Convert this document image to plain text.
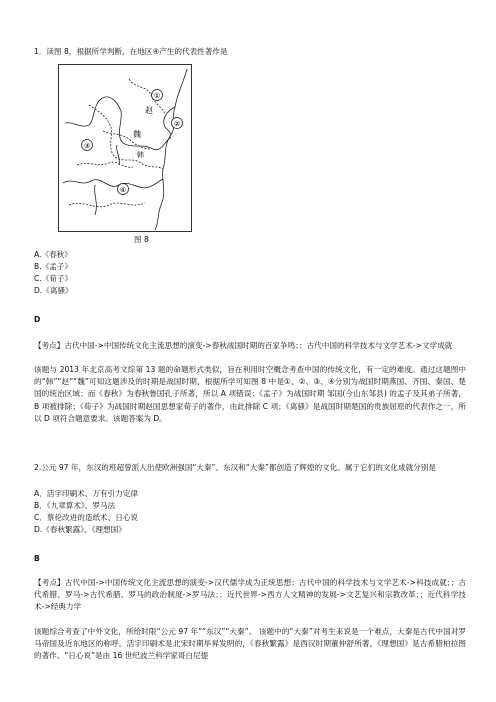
1．读图 8，根据所学判断，在地区④产生的代表性著作是
①
②
③
④
赵
魏
韩
图 8
A.《春秋》
B.《孟子》
C.《荀子》
D.《离骚》
D
【考点】古代中国->中国传统文化主流思想的演变->春秋战国时期的百家争鸣；；古代中国的科学技术与文学艺术->文学成就
该题与 2013 年北京高考文综第 13 题的命题形式类似，旨在利用时空概念考查中国的传统文化，有一定的难度。通过这题图中的“韩”“赵”“魏”可知这题涉及的时期是战国时期，根据所学可知图 8 中是①、②、③、④分别为战国时期燕国、齐国、秦国、楚国的统治区域；而《春秋》为春秋鲁国孔子所著，所以 A 项错误；《孟子》为战国时期 邹国(今山东邹县) 的孟子及其弟子所著， B 项被排除；《荀子》为战国时期赵国思想家荀子的著作，由此排除 C 项；《离骚》是战国时期楚国的贵族屈原的代表作之一，所以 D 项符合题意要求。该题答案为 D。
2.公元 97 年，东汉的班超曾派人出使欧洲强国“大秦”。东汉和“大秦”都创造了辉煌的文化。属于它们的文化成就分别是
A．活字印刷术、万有引力定律
B．《九章算术》、罗马法
C．蔡伦改进的造纸术、日心说
D.《春秋繁露》、《理想国》
B
【考点】古代中国->中国传统文化主流思想的演变->汉代儒学成为正统思想；古代中国的科学技术与文学艺术->科技成就；；古代希腊、罗马->古代希腊、罗马的政治制度->罗马法；；近代世界->西方人文精神的发展->文艺复兴和宗教改革；；近代科学技术->经典力学
该题综合考查了中外文化，所给时限“公元 97 年”“东汉”“大秦”。 该题中的“大秦”对考生来说是一个难点，大秦是古代中国对罗马帝国及近东地区的称呼。活字印刷术是北宋时期毕昇发明的，《春秋繁露》是西汉时期董仲舒所著，《理想国》是古希腊柏拉图的著作。“日心说”是由 16 世纪波兰科学家哥白尼提
